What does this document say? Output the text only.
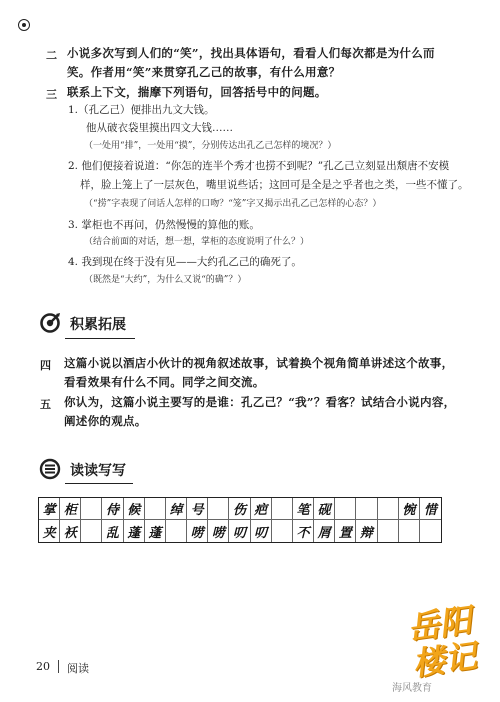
二 小说多次写到人们的“笑”，找出具体语句，看看人们每次都是为什么而笑。作者用“笑”来贯穿孔乙己的故事，有什么用意？
三 联系上下文，揣摩下列语句，回答括号中的问题。
1.（孔乙己）便排出九文大钱。
他从破衣袋里摸出四文大钱……
（一处用“排”，一处用“摸”，分别传达出孔乙己怎样的境况？）
2. 他们便接着说道：“你怎的连半个秀才也捞不到呢？”孔乙己立刻显出颓唐不安模
样，脸上笼上了一层灰色，嘴里说些话；这回可是全是之乎者也之类，一些不懂了。
（“捞”字表现了问话人怎样的口吻？“笼”字又揭示出孔乙己怎样的心态？）
3. 掌柜也不再问，仍然慢慢的算他的账。
（结合前面的对话，想一想，掌柜的态度说明了什么？）
4. 我到现在终于没有见——大约孔乙己的确死了。
（既然是“大约”，为什么又说“的确”？）
积累拓展
四 这篇小说以酒店小伙计的视角叙述故事，试着换个视角简单讲述这个故事，看看效果有什么不同。同学之间交流。
五 你认为，这篇小说主要写的是谁：孔乙己？“我”？看客？试结合小说内容，阐述你的观点。
读读写写
掌 柜	侍 候	绰 号	伤 疤	笔 砚	惋 惜
夹 袄	乱 蓬 蓬	唠 唠 叨 叨	不 屑 置 辩
20 阅读
岳阳楼记
海风教育
